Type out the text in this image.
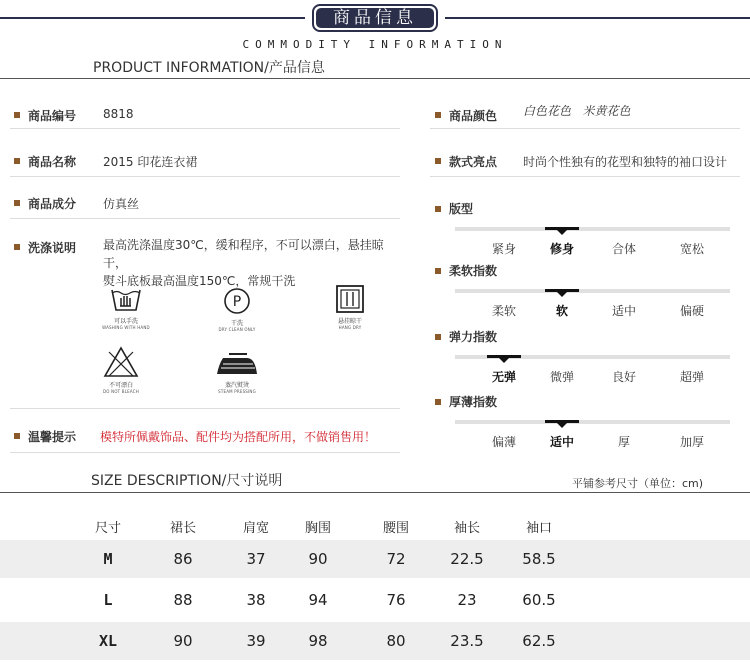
商品信息
COMMODITY INFORMATION
PRODUCT INFORMATION/产品信息
商品编号 8818
商品名称 2015 印花连衣裙
商品成分 仿真丝
洗涤说明 最高洗涤温度30℃，缓和程序，不可以漂白，悬挂晾干，
熨斗底板最高温度150℃，常规干洗
可以手洗
WASHING WITH HAND
P
干洗
DRY CLEAN ONLY
悬挂晾干
HANG DRY
不可漂白
DO NOT BLEACH
蒸汽熨烫
STEAM PRESSING
温馨提示 模特所佩戴饰品、配件均为搭配所用，不做销售用！
商品颜色 白色花色   米黄花色
款式亮点 时尚个性独有的花型和独特的袖口设计
版型
紧身	修身	合体	宽松
柔软指数
柔软	软	适中	偏硬
弹力指数
无弹	微弹	良好	超弹
厚薄指数
偏薄	适中	厚	加厚
SIZE DESCRIPTION/尺寸说明	平铺参考尺寸（单位：cm)
尺寸	裙长	肩宽	胸围	腰围	袖长	袖口
M	86	37	90	72	22.5	58.5
L	88	38	94	76	23	60.5
XL	90	39	98	80	23.5	62.5
